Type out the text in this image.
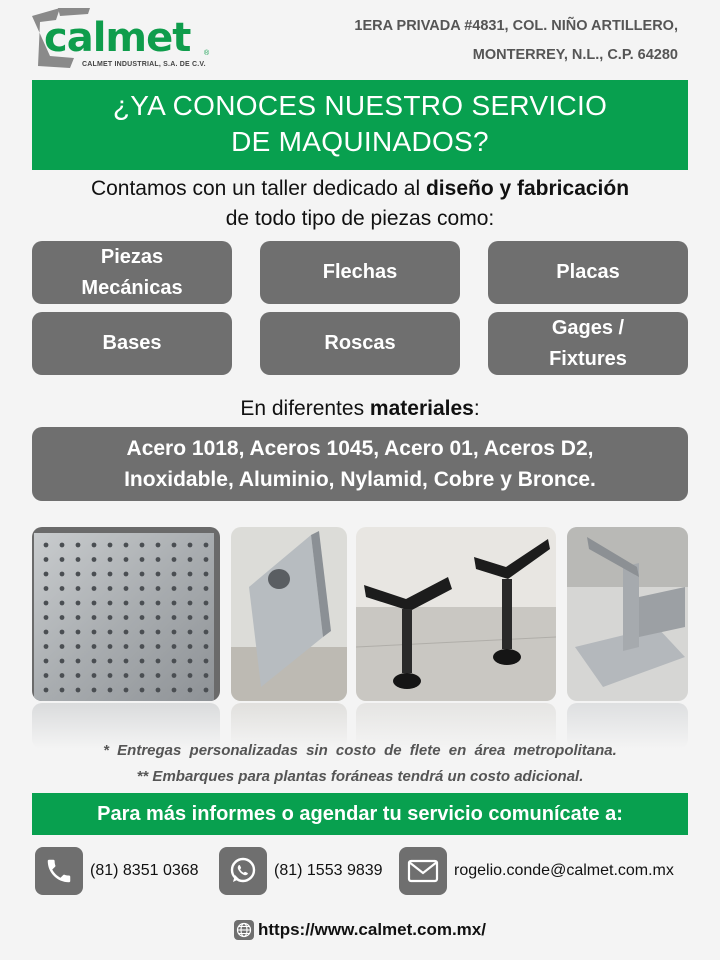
calmet ®
CALMET INDUSTRIAL, S.A. DE C.V.
1ERA PRIVADA #4831, COL. NIÑO ARTILLERO,
MONTERREY, N.L., C.P. 64280
¿YA CONOCES NUESTRO SERVICIO
DE MAQUINADOS?
Contamos con un taller dedicado al diseño y fabricación
de todo tipo de piezas como:
Piezas
Mecánicas
Flechas	Placas
Bases	Roscas
Gages /
Fixtures
En diferentes materiales:
Acero 1018, Aceros 1045, Acero 01, Aceros D2,
Inoxidable, Aluminio, Nylamid, Cobre y Bronce.
* Entregas personalizadas sin costo de flete en área metropolitana.
** Embarques para plantas foráneas tendrá un costo adicional.
Para más informes o agendar tu servicio comunícate a:
(81) 8351 0368	(81) 1553 9839	rogelio.conde@calmet.com.mx
https://www.calmet.com.mx/
